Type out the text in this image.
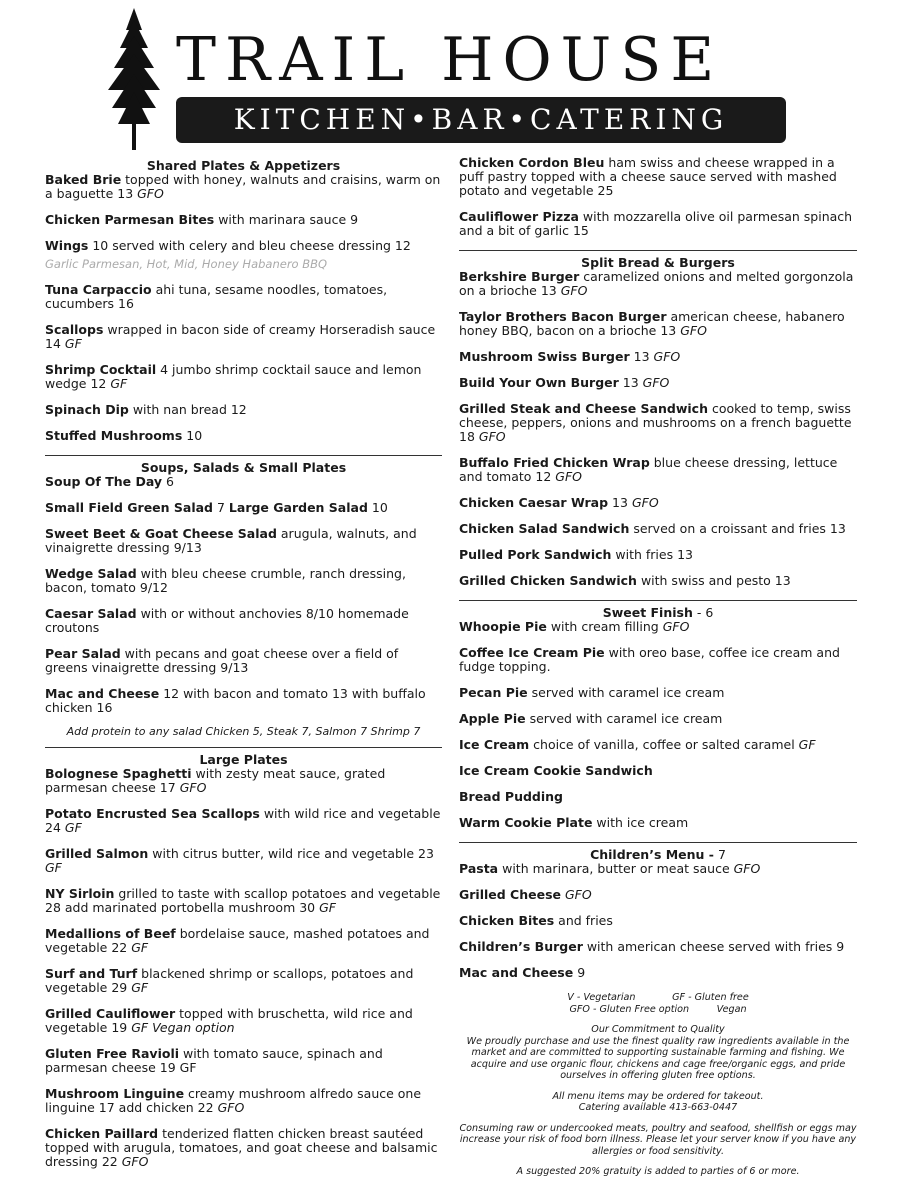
TRAIL HOUSE
KITCHEN•BAR•CATERING
Shared Plates & Appetizers
Baked Brie topped with honey, walnuts and craisins, warm on a baguette 13 GFO
Chicken Parmesan Bites with marinara sauce 9
Wings 10 served with celery and bleu cheese dressing 12
Garlic Parmesan, Hot, Mid, Honey Habanero BBQ
Tuna Carpaccio ahi tuna, sesame noodles, tomatoes, cucumbers 16
Scallops wrapped in bacon side of creamy Horseradish sauce 14 GF
Shrimp Cocktail 4 jumbo shrimp cocktail sauce and lemon wedge 12 GF
Spinach Dip with nan bread 12
Stuffed Mushrooms 10
Soups, Salads & Small Plates
Soup Of The Day 6
Small Field Green Salad 7 Large Garden Salad 10
Sweet Beet & Goat Cheese Salad arugula, walnuts, and vinaigrette dressing 9/13
Wedge Salad with bleu cheese crumble, ranch dressing, bacon, tomato 9/12
Caesar Salad with or without anchovies 8/10 homemade croutons
Pear Salad with pecans and goat cheese over a field of greens vinaigrette dressing 9/13
Mac and Cheese 12 with bacon and tomato 13 with buffalo chicken 16
Add protein to any salad Chicken 5, Steak 7, Salmon 7 Shrimp 7
Large Plates
Bolognese Spaghetti with zesty meat sauce, grated parmesan cheese 17 GFO
Potato Encrusted Sea Scallops with wild rice and vegetable 24 GF
Grilled Salmon with citrus butter, wild rice and vegetable 23 GF
NY Sirloin grilled to taste with scallop potatoes and vegetable 28 add marinated portobella mushroom 30 GF
Medallions of Beef bordelaise sauce, mashed potatoes and vegetable 22 GF
Surf and Turf blackened shrimp or scallops, potatoes and vegetable 29 GF
Grilled Cauliflower topped with bruschetta, wild rice and vegetable 19 GF Vegan option
Gluten Free Ravioli with tomato sauce, spinach and parmesan cheese 19 GF
Mushroom Linguine creamy mushroom alfredo sauce one linguine 17 add chicken 22 GFO
Chicken Paillard tenderized flatten chicken breast sautéed topped with arugula, tomatoes, and goat cheese and balsamic dressing 22 GFO
Chicken Cordon Bleu ham swiss and cheese wrapped in a puff pastry topped with a cheese sauce served with mashed potato and vegetable 25
Cauliflower Pizza with mozzarella olive oil parmesan spinach and a bit of garlic 15
Split Bread & Burgers
Berkshire Burger caramelized onions and melted gorgonzola on a brioche 13 GFO
Taylor Brothers Bacon Burger american cheese, habanero honey BBQ, bacon on a brioche 13 GFO
Mushroom Swiss Burger 13 GFO
Build Your Own Burger 13 GFO
Grilled Steak and Cheese Sandwich cooked to temp, swiss cheese, peppers, onions and mushrooms on a french baguette 18 GFO
Buffalo Fried Chicken Wrap blue cheese dressing, lettuce and tomato 12 GFO
Chicken Caesar Wrap 13 GFO
Chicken Salad Sandwich served on a croissant and fries 13
Pulled Pork Sandwich with fries 13
Grilled Chicken Sandwich with swiss and pesto 13
Sweet Finish - 6
Whoopie Pie with cream filling GFO
Coffee Ice Cream Pie with oreo base, coffee ice cream and fudge topping.
Pecan Pie served with caramel ice cream
Apple Pie served with caramel ice cream
Ice Cream choice of vanilla, coffee or salted caramel GF
Ice Cream Cookie Sandwich
Bread Pudding
Warm Cookie Plate with ice cream
Children’s Menu - 7
Pasta with marinara, butter or meat sauce GFO
Grilled Cheese GFO
Chicken Bites and fries
Children’s Burger with american cheese served with fries 9
Mac and Cheese 9

V - Vegetarian	GF - Gluten free
GFO - Gluten Free option	Vegan

Our Commitment to Quality
We proudly purchase and use the finest quality raw ingredients available in the market and are committed to supporting sustainable farming and fishing. We acquire and use organic flour, chickens and cage free/organic eggs, and pride ourselves in offering gluten free options.

All menu items may be ordered for takeout.
Catering available 413-663-0447

Consuming raw or undercooked meats, poultry and seafood, shellfish or eggs may increase your risk of food born illness. Please let your server know if you have any allergies or food sensitivity.

A suggested 20% gratuity is added to parties of 6 or more.
